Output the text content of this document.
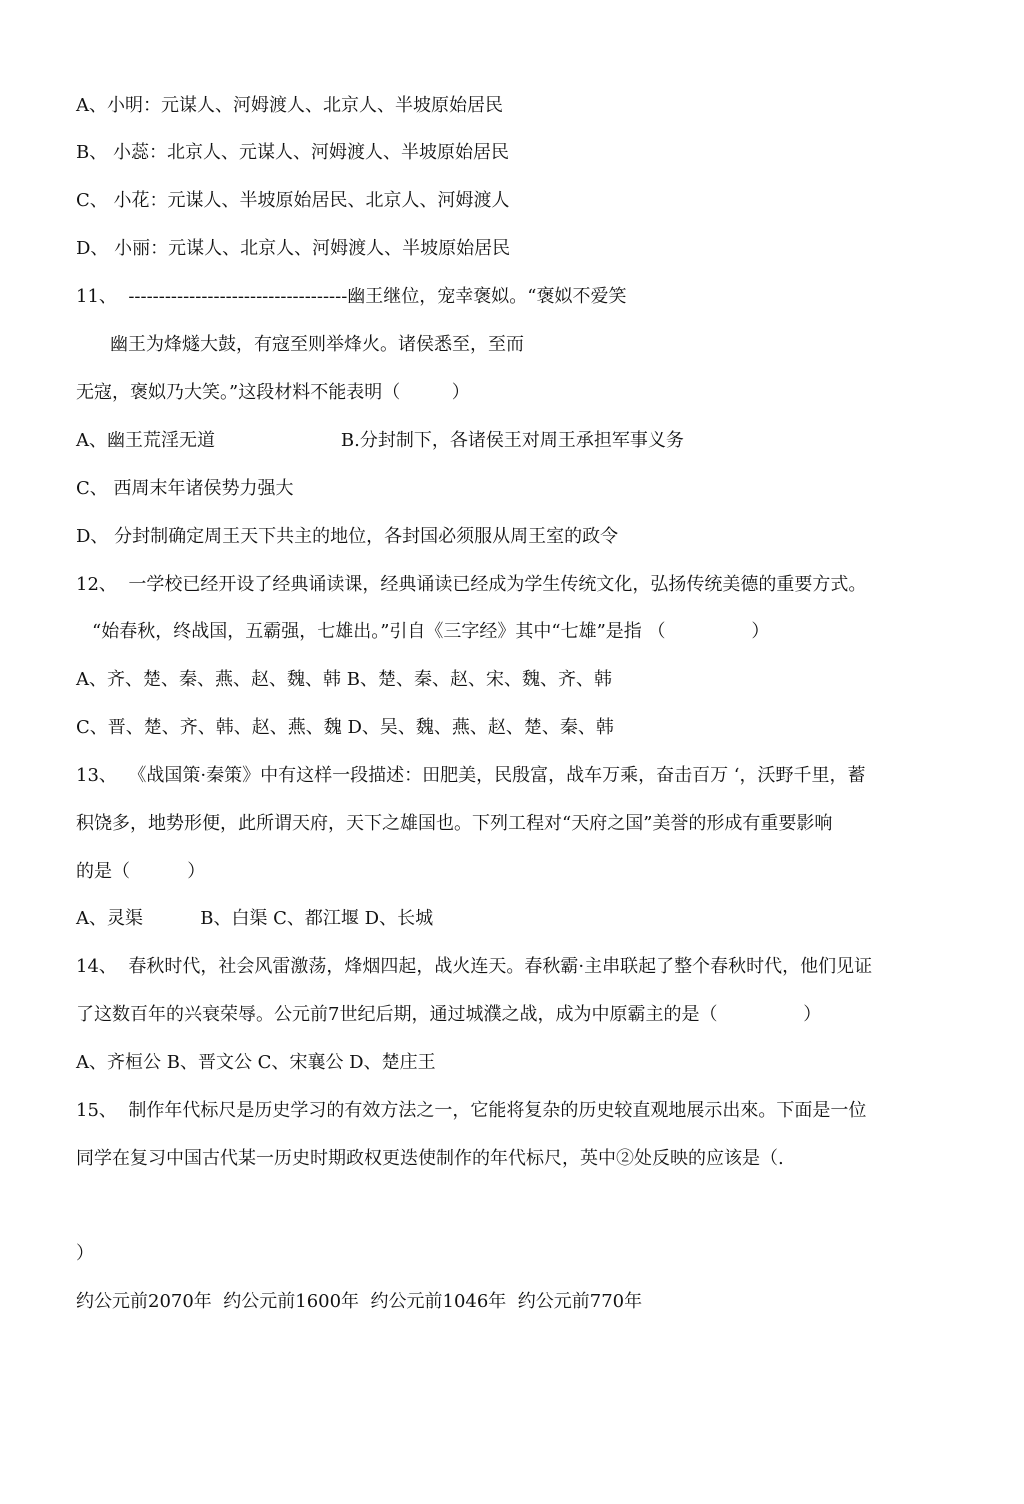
A、小明：元谋人、河姆渡人、北京人、半坡原始居民
B、 小蕊：北京人、元谋人、河姆渡人、半坡原始居民
C、 小花：元谋人、半坡原始居民、北京人、河姆渡人
D、 小丽：元谋人、北京人、河姆渡人、半坡原始居民
11、  ------------------------------------幽王继位，宠幸褒姒。“褒姒不爱笑
幽王为烽燧大鼓，有寇至则举烽火。诸侯悉至，至而
无寇，褒姒乃大笑。”这段材料不能表明（         ）
A、幽王荒淫无道                      B.分封制下，各诸侯王对周王承担军事义务
C、 西周末年诸侯势力强大
D、 分封制确定周王天下共主的地位，各封国必须服从周王室的政令
12、  一学校已经开设了经典诵读课，经典诵读已经成为学生传统文化，弘扬传统美德的重要方式。
“始春秋，终战国，五霸强，七雄出。”引自《三字经》其中“七雄”是指 （               ）
A、齐、楚、秦、燕、赵、魏、韩 B、楚、秦、赵、宋、魏、齐、韩
C、晋、楚、齐、韩、赵、燕、魏 D、吴、魏、燕、赵、楚、秦、韩
13、  《战国策·秦策》中有这样一段描述：田肥美，民殷富，战车万乘，奋击百万 ‘，沃野千里，蓄
积饶多，地势形便，此所谓天府，天下之雄国也。下列工程对“天府之国”美誉的形成有重要影响
的是（          ）
A、灵渠          B、白渠 C、都江堰 D、长城
14、  春秋时代，社会风雷激荡，烽烟四起，战火连天。春秋霸·主串联起了整个春秋时代，他们见证
了这数百年的兴衰荣辱。公元前7世纪后期，通过城濮之战，成为中原霸主的是（               ）
A、齐桓公 B、晋文公 C、宋襄公 D、楚庄王
15、  制作年代标尺是历史学习的有效方法之一，它能将复杂的历史较直观地展示出來。下面是一位
同学在复习中国古代某一历史时期政权更迭使制作的年代标尺，英中②处反映的应该是（.
）
约公元前2070年  约公元前1600年  约公元前1046年  约公元前770年
